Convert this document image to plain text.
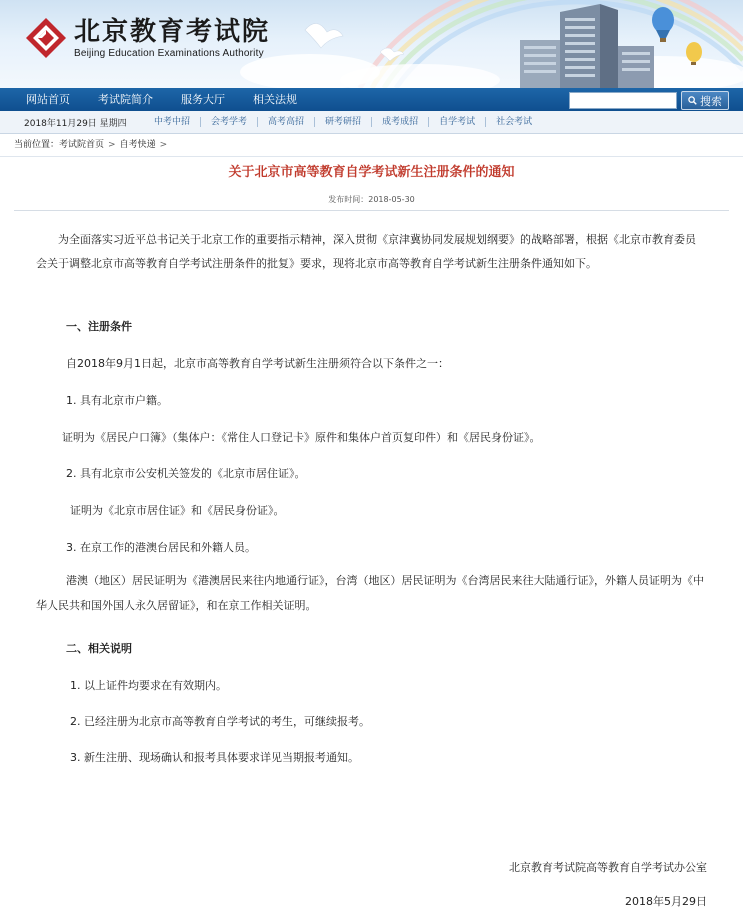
北京教育考试院
Beijing Education Examinations Authority
网站首页	考试院简介	服务大厅	相关法规	搜索
2018年11月29日 星期四	中考中招	会考学考	高考高招	研考研招	成考成招	自学考试	社会考试
当前位置：考试院首页 > 自考快递 >
关于北京市高等教育自学考试新生注册条件的通知
发布时间：2018-05-30

为全面落实习近平总书记关于北京工作的重要指示精神，深入贯彻《京津冀协同发展规划纲要》的战略部署，根据《北京市教育委员会关于调整北京市高等教育自学考试注册条件的批复》要求，现将北京市高等教育自学考试新生注册条件通知如下。

一、注册条件

自2018年9月1日起，北京市高等教育自学考试新生注册须符合以下条件之一：

1. 具有北京市户籍。

证明为《居民户口簿》（集体户：《常住人口登记卡》原件和集体户首页复印件）和《居民身份证》。

2. 具有北京市公安机关签发的《北京市居住证》。

证明为《北京市居住证》和《居民身份证》。

3. 在京工作的港澳台居民和外籍人员。

港澳（地区）居民证明为《港澳居民来往内地通行证》，台湾（地区）居民证明为《台湾居民来往大陆通行证》，外籍人员证明为《中华人民共和国外国人永久居留证》，和在京工作相关证明。

二、相关说明

1. 以上证件均要求在有效期内。

2. 已经注册为北京市高等教育自学考试的考生，可继续报考。

3. 新生注册、现场确认和报考具体要求详见当期报考通知。

北京教育考试院高等教育自学考试办公室
2018年5月29日
